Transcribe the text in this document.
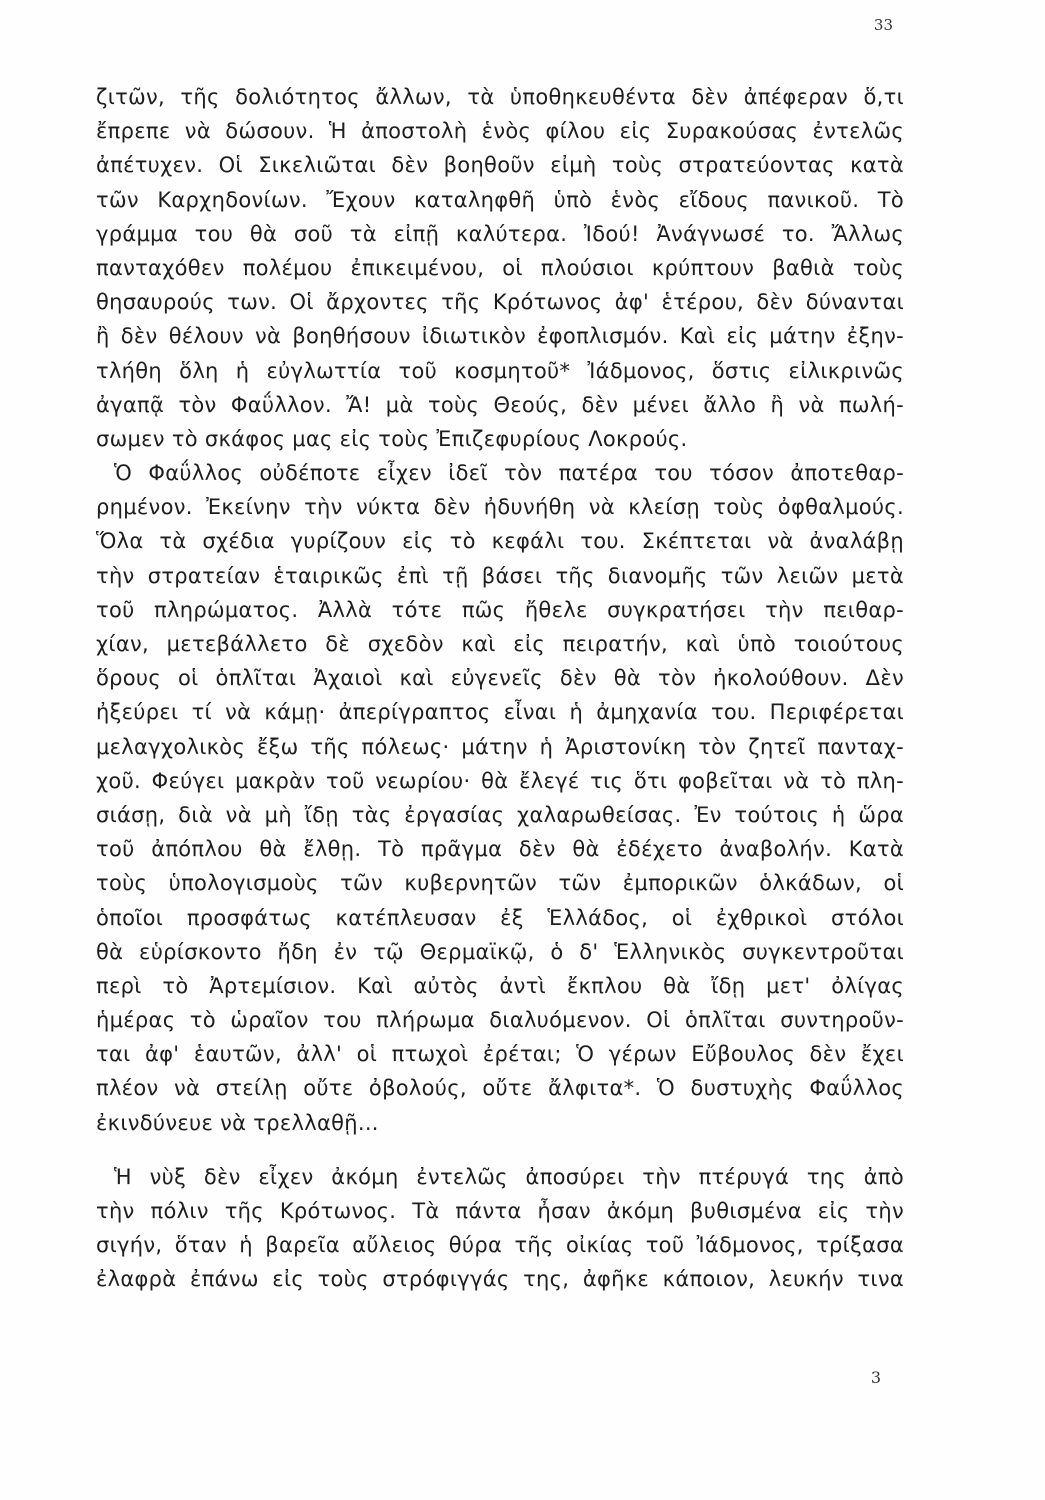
33
ζιτῶν, τῆς δολιότητος ἄλλων, τὰ ὑποθηκευθέντα δὲν ἀπέφεραν ὅ,τι
ἔπρεπε νὰ δώσουν. Ἡ ἀποστολὴ ἑνὸς φίλου εἰς Συρακούσας ἐντελῶς
ἀπέτυχεν. Οἱ Σικελιῶται δὲν βοηθοῦν εἰμὴ τοὺς στρατεύοντας κατὰ
τῶν Καρχηδονίων. Ἔχουν καταληφθῆ ὑπὸ ἑνὸς εἴδους πανικοῦ. Τὸ
γράμμα του θὰ σοῦ τὰ εἰπῇ καλύτερα. Ἰδού! Ἀνάγνωσέ το. Ἄλλως
πανταχόθεν πολέμου ἐπικειμένου, οἱ πλούσιοι κρύπτουν βαθιὰ τοὺς
θησαυρούς των. Οἱ ἄρχοντες τῆς Κρότωνος ἀφ' ἑτέρου, δὲν δύνανται
ἢ δὲν θέλουν νὰ βοηθήσουν ἰδιωτικὸν ἐφοπλισμόν. Καὶ εἰς μάτην ἐξην-
τλήθη ὅλη ἡ εὐγλωττία τοῦ κοσμητοῦ* Ἰάδμονος, ὅστις εἰλικρινῶς
ἀγαπᾷ τὸν Φαΰλλον. Ἄ! μὰ τοὺς Θεούς, δὲν μένει ἄλλο ἢ νὰ πωλή-
σωμεν τὸ σκάφος μας εἰς τοὺς Ἐπιζεφυρίους Λοκρούς.
Ὁ Φαΰλλος οὐδέποτε εἶχεν ἰδεῖ τὸν πατέρα του τόσον ἀποτεθαρ-
ρημένον. Ἐκείνην τὴν νύκτα δὲν ἠδυνήθη νὰ κλείσῃ τοὺς ὀφθαλμούς.
Ὅλα τὰ σχέδια γυρίζουν εἰς τὸ κεφάλι του. Σκέπτεται νὰ ἀναλάβῃ
τὴν στρατείαν ἑταιρικῶς ἐπὶ τῇ βάσει τῆς διανομῆς τῶν λειῶν μετὰ
τοῦ πληρώματος. Ἀλλὰ τότε πῶς ἤθελε συγκρατήσει τὴν πειθαρ-
χίαν, μετεβάλλετο δὲ σχεδὸν καὶ εἰς πειρατήν, καὶ ὑπὸ τοιούτους
ὅρους οἱ ὁπλῖται Ἀχαιοὶ καὶ εὐγενεῖς δὲν θὰ τὸν ἠκολούθουν. Δὲν
ἠξεύρει τί νὰ κάμῃ· ἀπερίγραπτος εἶναι ἡ ἀμηχανία του. Περιφέρεται
μελαγχολικὸς ἔξω τῆς πόλεως· μάτην ἡ Ἀριστονίκη τὸν ζητεῖ πανταχ-
χοῦ. Φεύγει μακρὰν τοῦ νεωρίου· θὰ ἔλεγέ τις ὅτι φοβεῖται νὰ τὸ πλη-
σιάσῃ, διὰ νὰ μὴ ἴδῃ τὰς ἐργασίας χαλαρωθείσας. Ἐν τούτοις ἡ ὥρα
τοῦ ἀπόπλου θὰ ἔλθῃ. Τὸ πρᾶγμα δὲν θὰ ἐδέχετο ἀναβολήν. Κατὰ
τοὺς ὑπολογισμοὺς τῶν κυβερνητῶν τῶν ἐμπορικῶν ὁλκάδων, οἱ
ὁποῖοι προσφάτως κατέπλευσαν ἐξ Ἑλλάδος, οἱ ἐχθρικοὶ στόλοι
θὰ εὑρίσκοντο ἤδη ἐν τῷ Θερμαϊκῷ, ὁ δ' Ἑλληνικὸς συγκεντροῦται
περὶ τὸ Ἀρτεμίσιον. Καὶ αὐτὸς ἀντὶ ἔκπλου θὰ ἴδῃ μετ' ὀλίγας
ἡμέρας τὸ ὡραῖον του πλήρωμα διαλυόμενον. Οἱ ὁπλῖται συντηροῦν-
ται ἀφ' ἑαυτῶν, ἀλλ' οἱ πτωχοὶ ἐρέται; Ὁ γέρων Εὔβουλος δὲν ἔχει
πλέον νὰ στείλῃ οὔτε ὀβολούς, οὔτε ἄλφιτα*. Ὁ δυστυχὴς Φαΰλλος
ἐκινδύνευε νὰ τρελλαθῇ...
Ἡ νὺξ δὲν εἶχεν ἀκόμη ἐντελῶς ἀποσύρει τὴν πτέρυγά της ἀπὸ
τὴν πόλιν τῆς Κρότωνος. Τὰ πάντα ἦσαν ἀκόμη βυθισμένα εἰς τὴν
σιγήν, ὅταν ἡ βαρεῖα αὔλειος θύρα τῆς οἰκίας τοῦ Ἰάδμονος, τρίξασα
ἐλαφρὰ ἐπάνω εἰς τοὺς στρόφιγγάς της, ἀφῆκε κάποιον, λευκήν τινα
3
